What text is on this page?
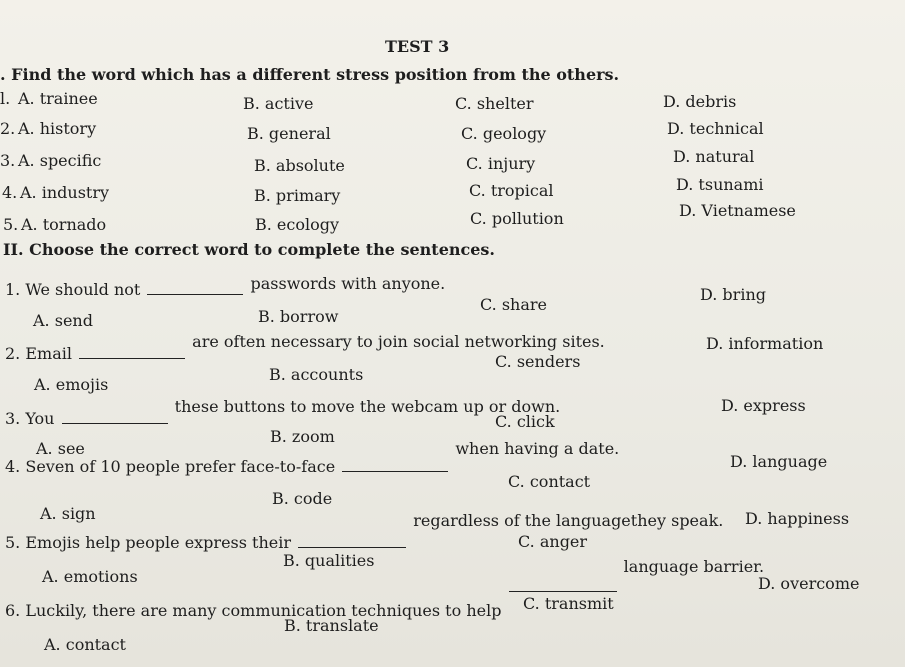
TEST 3
. Find the word which has a different stress position from the others.
l. A. trainee	B. active	C. shelter	D. debris
2. A. history	B. general	C. geology	D. technical
3. A. specific	B. absolute	C. injury	D. natural
4. A. industry	B. primary	C. tropical	D. tsunami
5. A. tornado	B. ecology	C. pollution	D. Vietnamese
II. Choose the correct word to complete the sentences.
1. We should not	passwords with anyone.
A. send	B. borrow
C. share
D. bring
2. Email  are often necessary to join social networking sites.
A. emojis
B. accounts
C. senders
D. information
3. You  these buttons to move the webcam up or down.
A. see
B. zoom
C. click
D. express
4. Seven of 10 people prefer face-to-face  when having a date.
A. sign
B. code
C. contact
D. language
5. Emojis help people express their  regardless of the languagethey speak.
A. emotions
B. qualities
C. anger
D. happiness
6. Luckily, there are many communication techniques to help  language barrier.
A. contact
B. translate
C. transmit
D. overcome
